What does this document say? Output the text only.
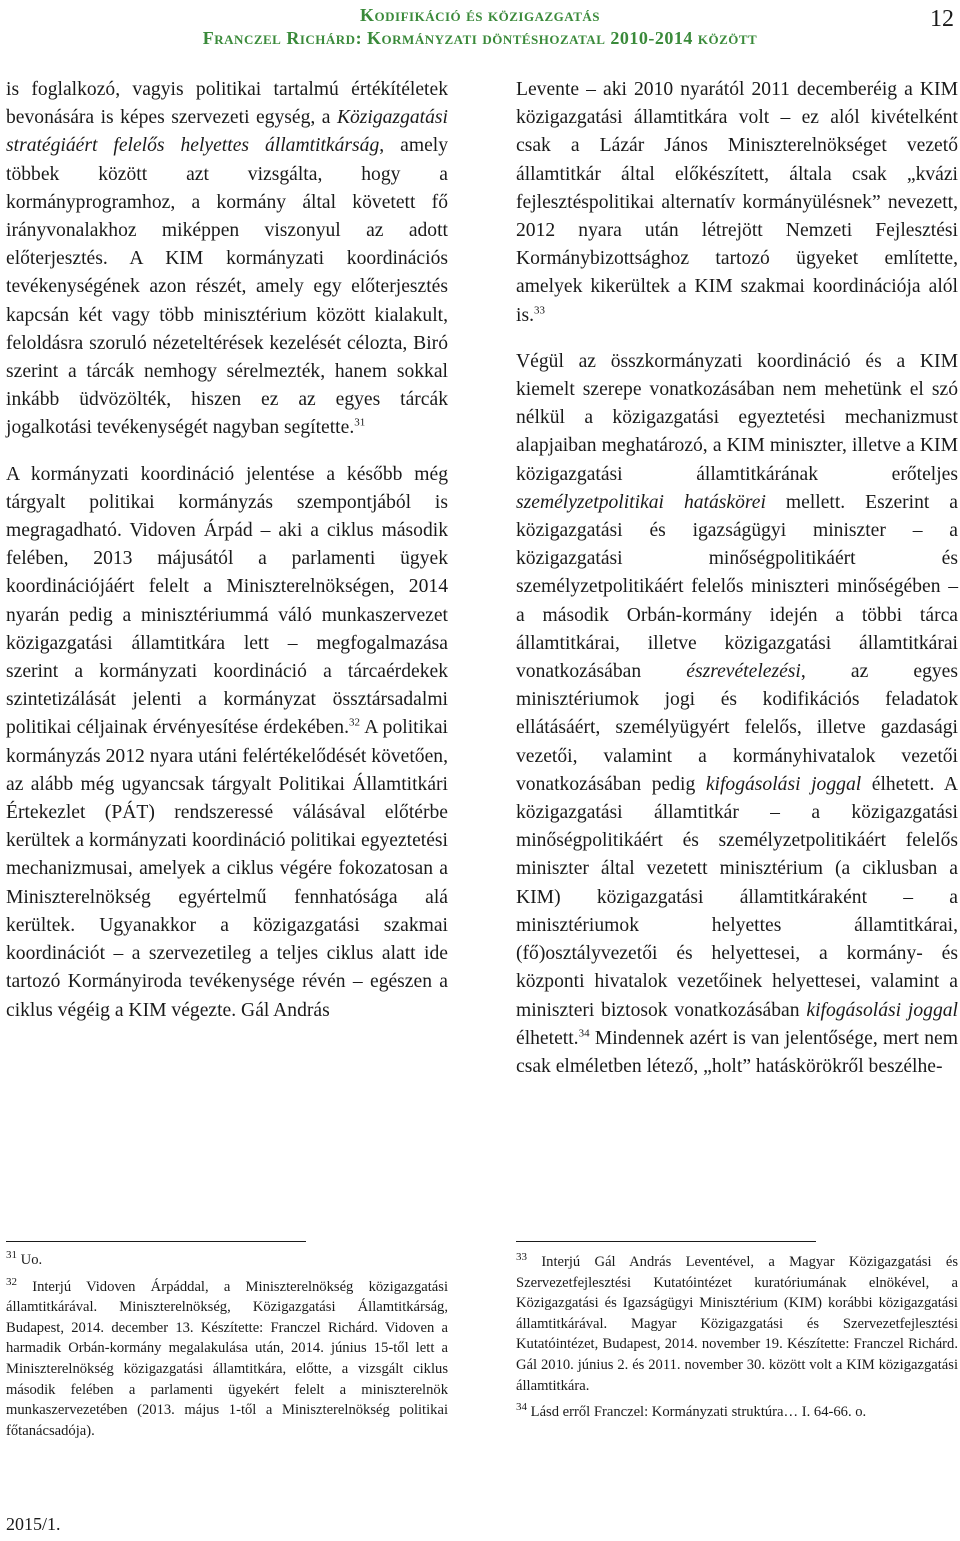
Kodifikáció és közigazgatás
Franczel Richárd: Kormányzati döntéshozatal 2010-2014 között
12

is foglalkozó, vagyis politikai tartalmú értékítéletek bevonására is képes szervezeti egység, a Közigazgatási stratégiáért felelős helyettes államtitkárság, amely többek között azt vizsgálta, hogy a kormányprogramhoz, a kormány által követett fő irányvonalakhoz miképpen viszonyul az adott előterjesztés. A KIM kormányzati koordinációs tevékenységének azon részét, amely egy előterjesztés kapcsán két vagy több minisztérium között kialakult, feloldásra szoruló nézeteltérések kezelését célozta, Biró szerint a tárcák nemhogy sérelmezték, hanem sokkal inkább üdvözölték, hiszen ez az egyes tárcák jogalkotási tevékenységét nagyban segítette.$^{31}$

A kormányzati koordináció jelentése a később még tárgyalt politikai kormányzás szempontjából is megragadható. Vidoven Árpád – aki a ciklus második felében, 2013 májusától a parlamenti ügyek koordinációjáért felelt a Miniszterelnökségen, 2014 nyarán pedig a minisztériummá váló munkaszervezet közigazgatási államtitkára lett – megfogalmazása szerint a kormányzati koordináció a tárcaérdekek szintetizálását jelenti a kormányzat össztársadalmi politikai céljainak érvényesítése érdekében.$^{32}$ A politikai kormányzás 2012 nyara utáni felértékelődését követően, az alább még ugyancsak tárgyalt Politikai Államtitkári Értekezlet (PÁT) rendszeressé válásával előtérbe kerültek a kormányzati koordináció politikai egyeztetési mechanizmusai, amelyek a ciklus végére fokozatosan a Miniszterelnökség egyértelmű fennhatósága alá kerültek. Ugyanakkor a közigazgatási szakmai koordinációt – a szervezetileg a teljes ciklus alatt ide tartozó Kormányiroda tevékenysége révén – egészen a ciklus végéig a KIM végezte. Gál András

Levente – aki 2010 nyarától 2011 decemberéig a KIM közigazgatási államtitkára volt – ez alól kivételként csak a Lázár János Miniszterelnökséget vezető államtitkár által előkészített, általa csak „kvázi fejlesztéspolitikai alternatív kormányülésnek” nevezett, 2012 nyara után létrejött Nemzeti Fejlesztési Kormánybizottsághoz tartozó ügyeket említette, amelyek kikerültek a KIM szakmai koordinációja alól is.$^{33}$

Végül az összkormányzati koordináció és a KIM kiemelt szerepe vonatkozásában nem mehetünk el szó nélkül a közigazgatási egyeztetési mechanizmust alapjaiban meghatározó, a KIM miniszter, illetve a KIM közigazgatási államtitkárának erőteljes személyzetpolitikai hatáskörei mellett. Eszerint a közigazgatási és igazságügyi miniszter – a közigazgatási minőségpolitikáért és személyzetpolitikáért felelős miniszteri minőségében – a második Orbán-kormány idején a többi tárca államtitkárai, illetve közigazgatási államtitkárai vonatkozásában észrevételezési, az egyes minisztériumok jogi és kodifikációs feladatok ellátásáért, személyügyért felelős, illetve gazdasági vezetői, valamint a kormányhivatalok vezetői vonatkozásában pedig kifogásolási joggal élhetett. A közigazgatási államtitkár – a közigazgatási minőségpolitikáért és személyzetpolitikáért felelős miniszter által vezetett minisztérium (a ciklusban a KIM) közigazgatási államtitkáraként – a minisztériumok helyettes államtitkárai, (fő)osztályvezetői és helyettesei, a kormány- és központi hivatalok vezetőinek helyettesei, valamint a miniszteri biztosok vonatkozásában kifogásolási joggal élhetett.$^{34}$ Mindennek azért is van jelentősége, mert nem csak elméletben létező, „holt” hatáskörökről beszélhe-

$^{31}$ Uo.
$^{32}$ Interjú Vidoven Árpáddal, a Miniszterelnökség közigazgatási államtitkárával. Miniszterelnökség, Közigazgatási Államtitkárság, Budapest, 2014. december 13. Készítette: Franczel Richárd. Vidoven a harmadik Orbán-kormány megalakulása után, 2014. június 15-től lett a Miniszterelnökség közigazgatási államtitkára, előtte, a vizsgált ciklus második felében a parlamenti ügyekért felelt a miniszterelnök munkaszervezetében (2013. május 1-től a Miniszterelnökség politikai főtanácsadója).
$^{33}$ Interjú Gál András Leventével, a Magyar Közigazgatási és Szervezetfejlesztési Kutatóintézet kuratóriumának elnökével, a Közigazgatási és Igazságügyi Minisztérium (KIM) korábbi közigazgatási államtitkárával. Magyar Közigazgatási és Szervezetfejlesztési Kutatóintézet, Budapest, 2014. november 19. Készítette: Franczel Richárd. Gál 2010. június 2. és 2011. november 30. között volt a KIM közigazgatási államtitkára.
$^{34}$ Lásd erről Franczel: Kormányzati struktúra… I. 64-66. o.
2015/1.
